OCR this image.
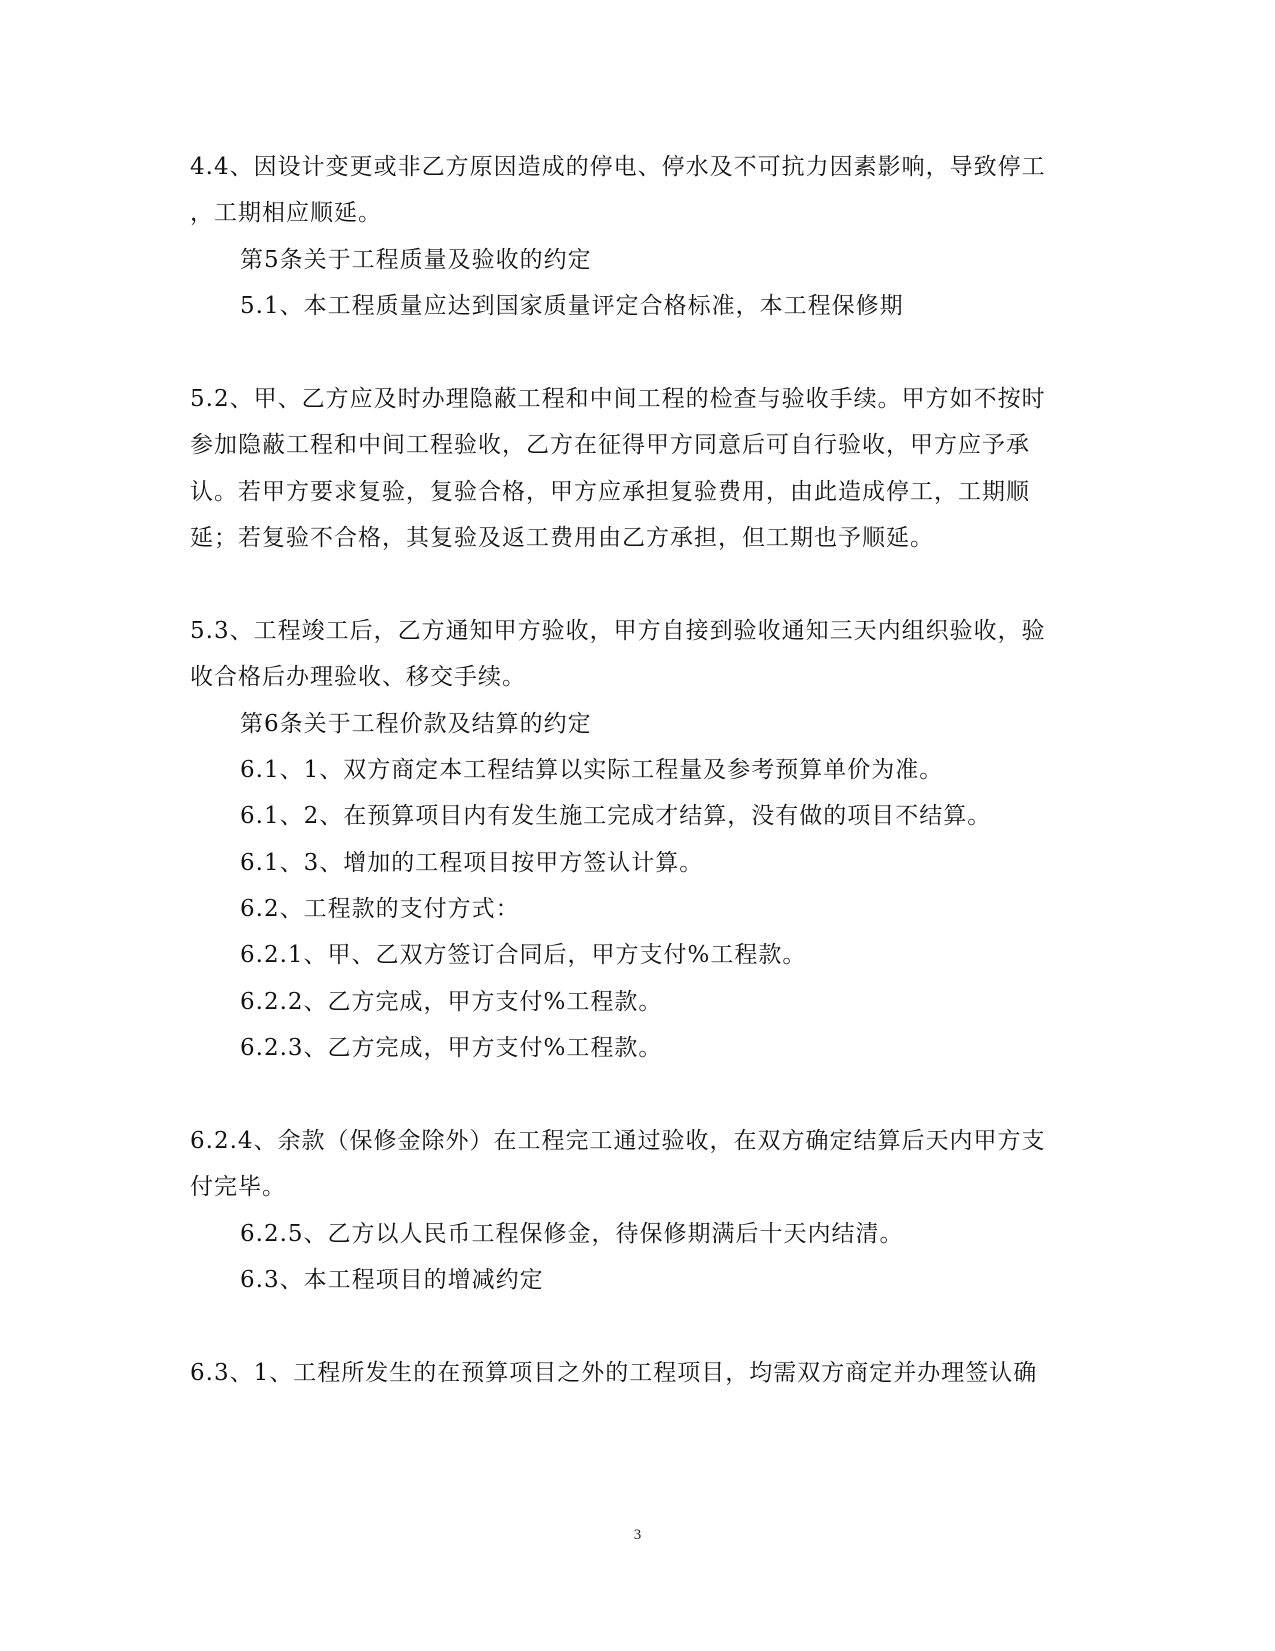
4.4、因设计变更或非乙方原因造成的停电、停水及不可抗力因素影响，导致停工
，工期相应顺延。
第5条关于工程质量及验收的约定
5.1、本工程质量应达到国家质量评定合格标准，本工程保修期
5.2、甲、乙方应及时办理隐蔽工程和中间工程的检查与验收手续。甲方如不按时
参加隐蔽工程和中间工程验收，乙方在征得甲方同意后可自行验收，甲方应予承
认。若甲方要求复验，复验合格，甲方应承担复验费用，由此造成停工，工期顺
延；若复验不合格，其复验及返工费用由乙方承担，但工期也予顺延。
5.3、工程竣工后，乙方通知甲方验收，甲方自接到验收通知三天内组织验收，验
收合格后办理验收、移交手续。
第6条关于工程价款及结算的约定
6.1、1、双方商定本工程结算以实际工程量及参考预算单价为准。
6.1、2、在预算项目内有发生施工完成才结算，没有做的项目不结算。
6.1、3、增加的工程项目按甲方签认计算。
6.2、工程款的支付方式：
6.2.1、甲、乙双方签订合同后，甲方支付%工程款。
6.2.2、乙方完成，甲方支付%工程款。
6.2.3、乙方完成，甲方支付%工程款。
6.2.4、余款（保修金除外）在工程完工通过验收，在双方确定结算后天内甲方支
付完毕。
6.2.5、乙方以人民币工程保修金，待保修期满后十天内结清。
6.3、本工程项目的增减约定
6.3、1、工程所发生的在预算项目之外的工程项目，均需双方商定并办理签认确
3
